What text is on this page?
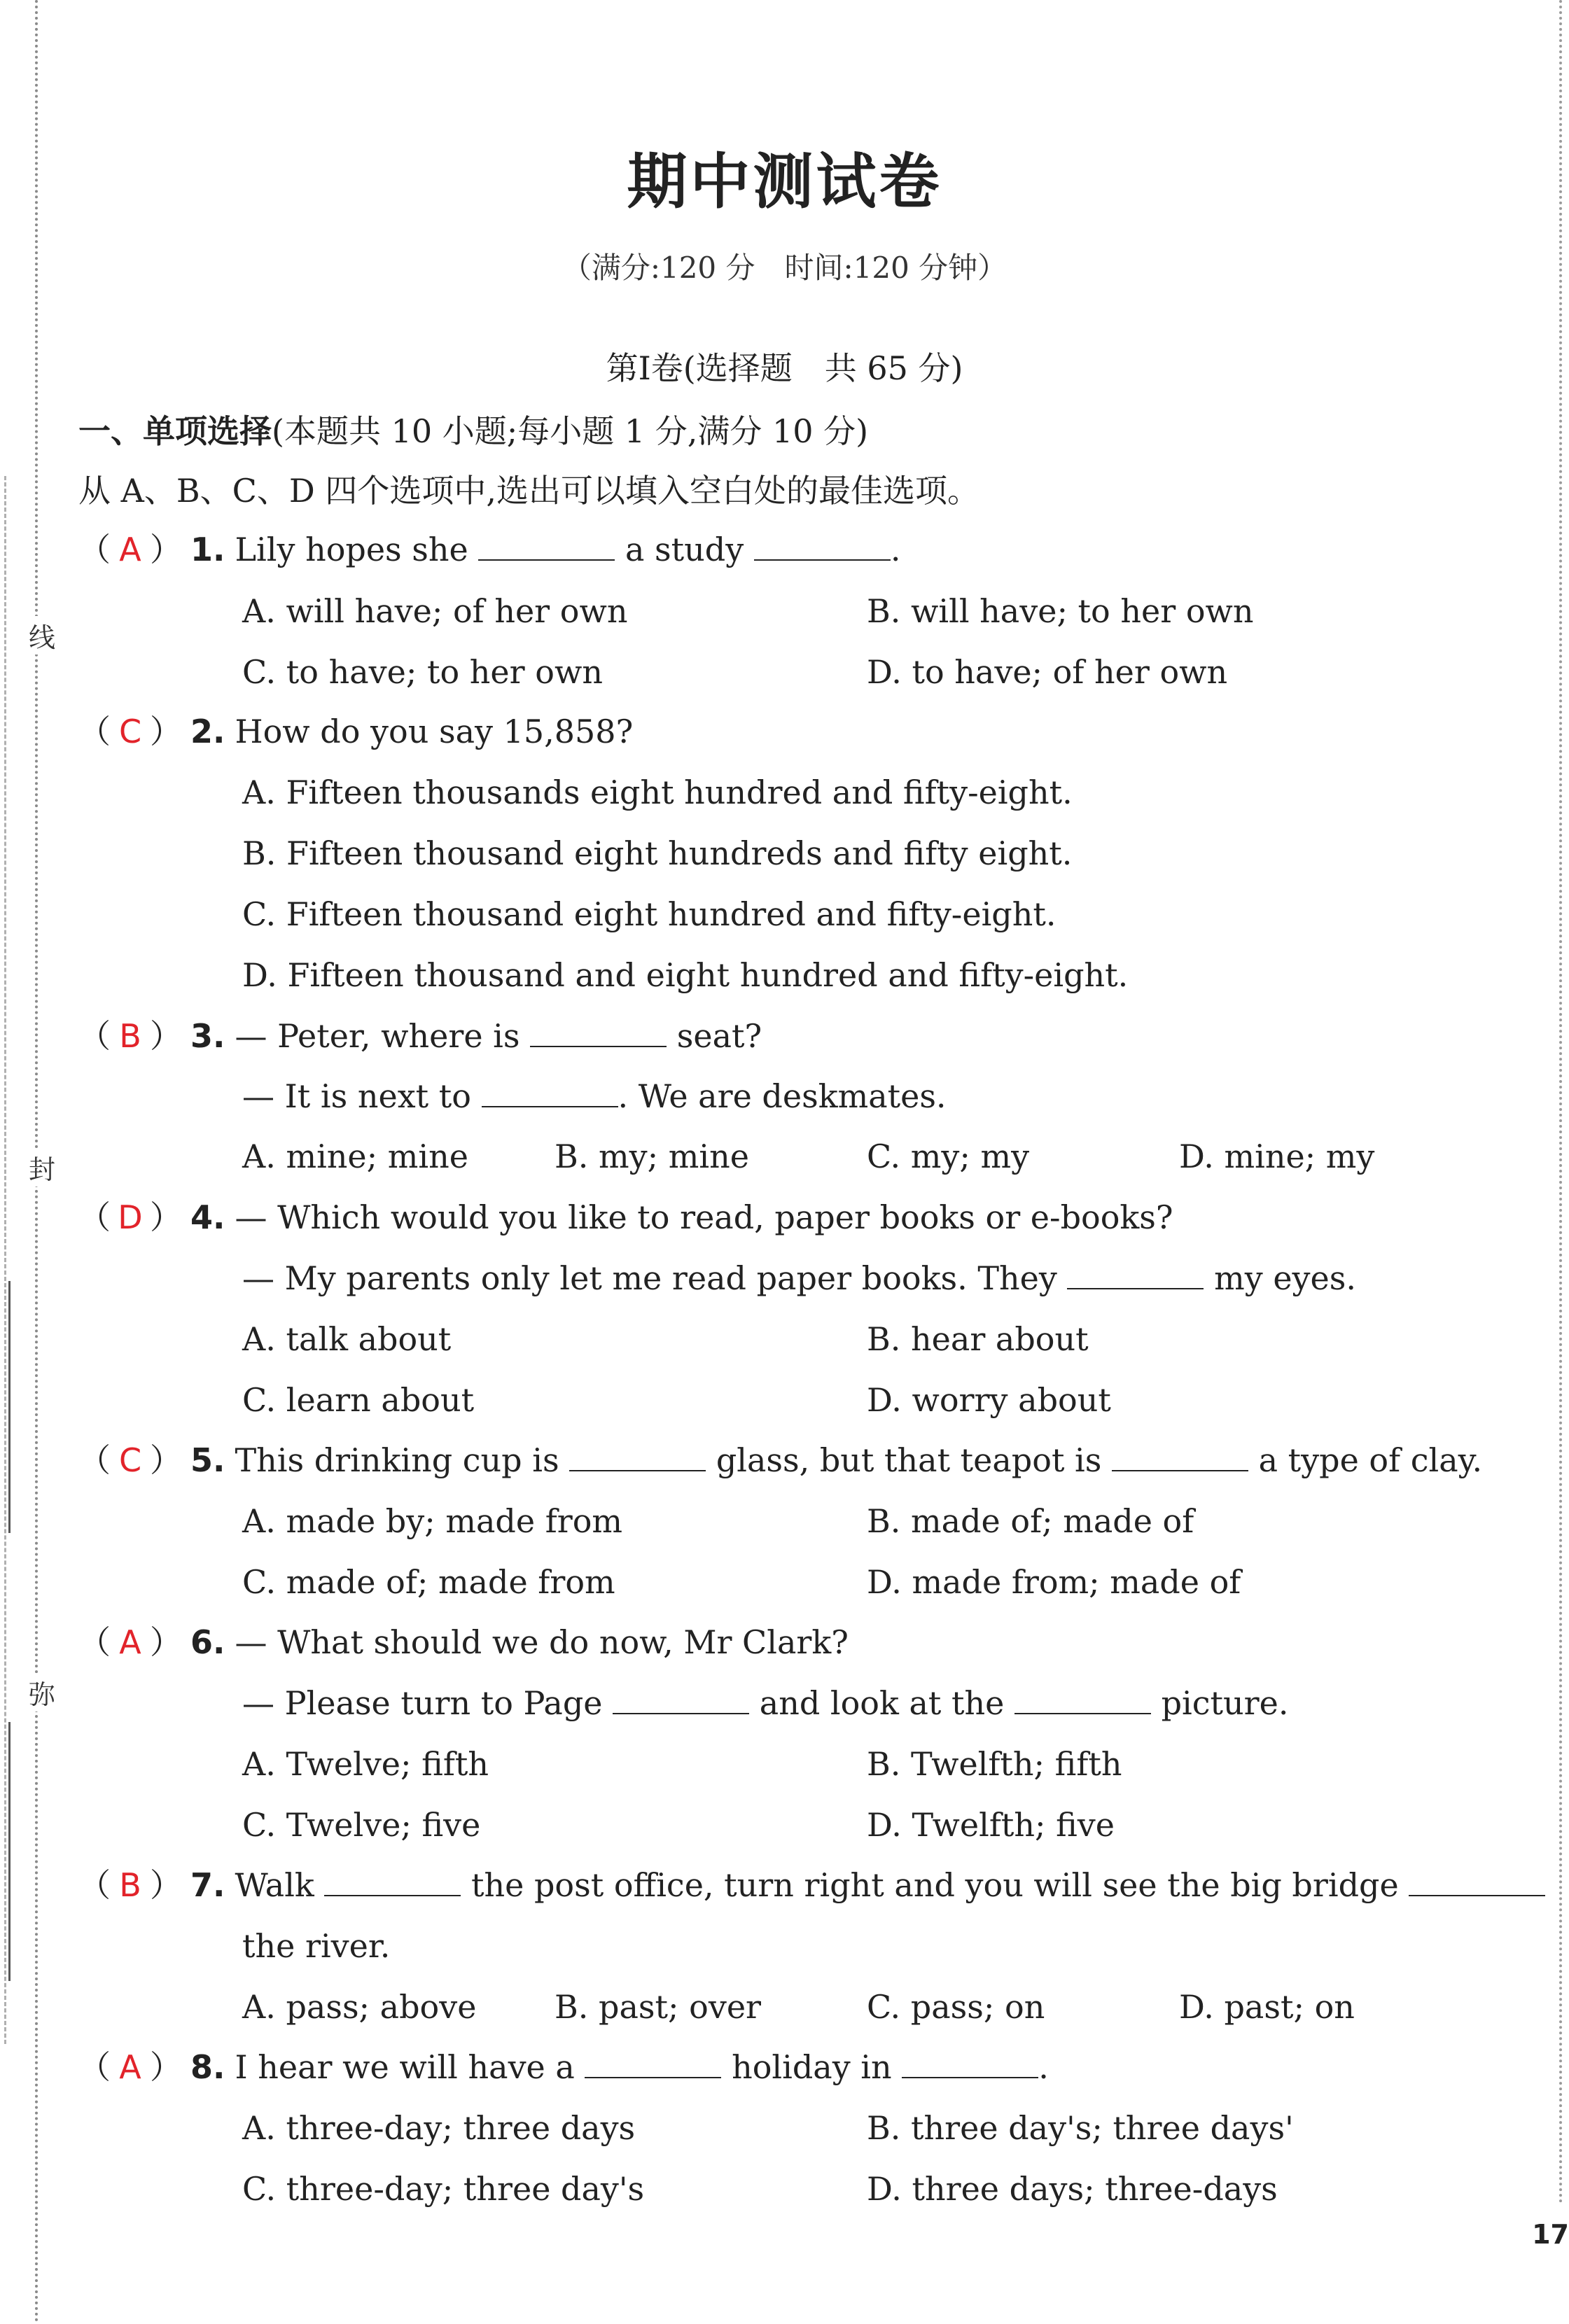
线
封
弥
17
期中测试卷
（满分:120 分　时间:120 分钟）
第Ⅰ卷(选择题　共 65 分)
一、单项选择(本题共 10 小题;每小题 1 分,满分 10 分)
从 A、B、C、D 四个选项中,选出可以填入空白处的最佳选项。
（ A ） 1. Lily hopes she	a study	.
A. will have; of her own	B. will have; to her own
C. to have; to her own	D. to have; of her own
（ C ） 2. How do you say 15,858?
A. Fifteen thousands eight hundred and fifty-eight.
B. Fifteen thousand eight hundreds and fifty eight.
C. Fifteen thousand eight hundred and fifty-eight.
D. Fifteen thousand and eight hundred and fifty-eight.
（ B ） 3. — Peter, where is	seat?
— It is next to	. We are deskmates.
A. mine; mine	B. my; mine	C. my; my	D. mine; my
（ D ） 4. — Which would you like to read, paper books or e-books?
— My parents only let me read paper books. They	my eyes.
A. talk about	B. hear about
C. learn about	D. worry about
（ C ） 5. This drinking cup is	glass, but that teapot is	a type of clay.
A. made by; made from	B. made of; made of
C. made of; made from	D. made from; made of
（ A ） 6. — What should we do now, Mr Clark?
— Please turn to Page	and look at the	picture.
A. Twelve; fifth	B. Twelfth; fifth
C. Twelve; five	D. Twelfth; five
（ B ） 7. Walk	the post office, turn right and you will see the big bridge
the river.
A. pass; above B. past; over	C. pass; on	D. past; on
（ A ） 8. I hear we will have a	holiday in	.
A. three-day; three days	B. three day's; three days'
C. three-day; three day's	D. three days; three-days
